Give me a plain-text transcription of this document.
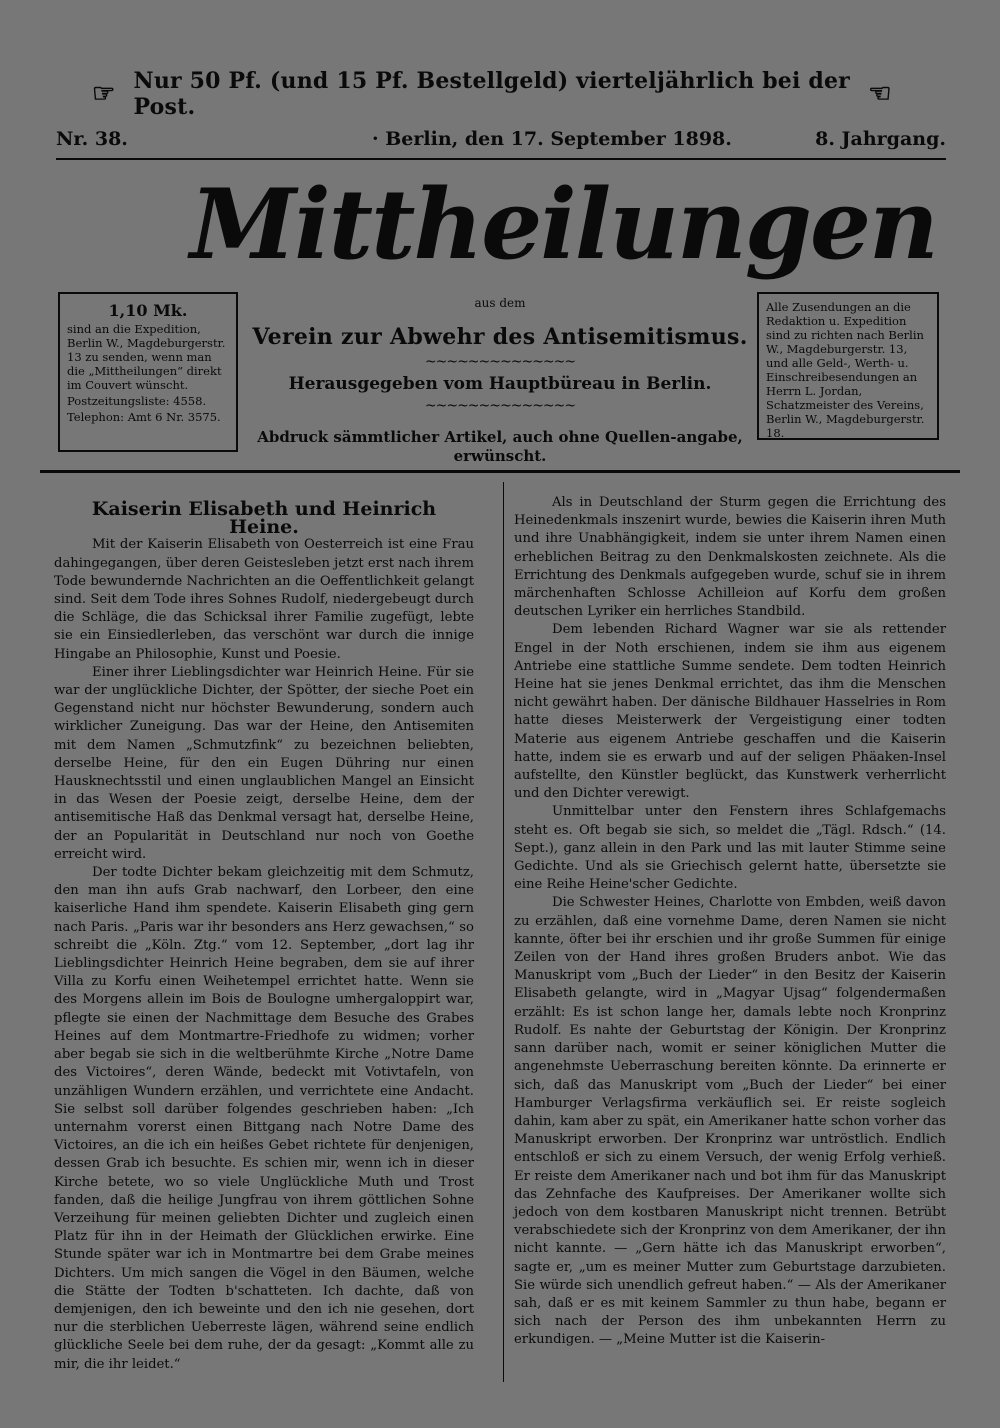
☞ Nur 50 Pf. (und 15 Pf. Bestellgeld) vierteljährlich bei der Post.	☞
Nr. 38.	· Berlin, den 17. September 1898.	8. Jahrgang.
Mittheilungen
1,10 Mk.

sind an die Expedition, Berlin W., Magdeburgerstr. 13 zu senden, wenn man die „Mittheilungen“ direkt im Couvert wünscht.

Postzeitungsliste: 4558.

Telephon: Amt 6 Nr. 3575.

aus dem
Verein zur Abwehr des Antisemitismus.
~~~~~~~~~~~~~~
Herausgegeben vom Hauptbüreau in Berlin.
~~~~~~~~~~~~~~
Abdruck sämmtlicher Artikel, auch ohne Quellen-angabe, erwünscht.

Alle Zusendungen an die Redaktion u. Expedition sind zu richten nach Berlin W., Magdeburgerstr. 13, und alle Geld-, Werth- u. Einschreibesendungen an Herrn L. Jordan, Schatzmeister des Vereins, Berlin W., Magdeburgerstr. 18.

Kaiserin Elisabeth und Heinrich Heine.

Mit der Kaiserin Elisabeth von Oesterreich ist eine Frau dahingegangen, über deren Geistesleben jetzt erst nach ihrem Tode bewundernde Nachrichten an die Oeffentlichkeit gelangt sind. Seit dem Tode ihres Sohnes Rudolf, niedergebeugt durch die Schläge, die das Schicksal ihrer Familie zugefügt, lebte sie ein Einsiedlerleben, das verschönt war durch die innige Hingabe an Philosophie, Kunst und Poesie.

Einer ihrer Lieblingsdichter war Heinrich Heine. Für sie war der unglückliche Dichter, der Spötter, der sieche Poet ein Gegenstand nicht nur höchster Bewunderung, sondern auch wirklicher Zuneigung. Das war der Heine, den Antisemiten mit dem Namen „Schmutzfink“ zu bezeichnen beliebten, derselbe Heine, für den ein Eugen Dühring nur einen Hausknechtsstil und einen unglaublichen Mangel an Einsicht in das Wesen der Poesie zeigt, derselbe Heine, dem der antisemitische Haß das Denkmal versagt hat, derselbe Heine, der an Popularität in Deutschland nur noch von Goethe erreicht wird.

Der todte Dichter bekam gleichzeitig mit dem Schmutz, den man ihn aufs Grab nachwarf, den Lorbeer, den eine kaiserliche Hand ihm spendete. Kaiserin Elisabeth ging gern nach Paris. „Paris war ihr besonders ans Herz gewachsen,“ so schreibt die „Köln. Ztg.“ vom 12. September, „dort lag ihr Lieblingsdichter Heinrich Heine begraben, dem sie auf ihrer Villa zu Korfu einen Weihetempel errichtet hatte. Wenn sie des Morgens allein im Bois de Boulogne umhergaloppirt war, pflegte sie einen der Nachmittage dem Besuche des Grabes Heines auf dem Montmartre-Friedhofe zu widmen; vorher aber begab sie sich in die weltberühmte Kirche „Notre Dame des Victoires“, deren Wände, bedeckt mit Votivtafeln, von unzähligen Wundern erzählen, und verrichtete eine Andacht. Sie selbst soll darüber folgendes geschrieben haben: „Ich unternahm vorerst einen Bittgang nach Notre Dame des Victoires, an die ich ein heißes Gebet richtete für denjenigen, dessen Grab ich besuchte. Es schien mir, wenn ich in dieser Kirche betete, wo so viele Unglückliche Muth und Trost fanden, daß die heilige Jungfrau von ihrem göttlichen Sohne Verzeihung für meinen geliebten Dichter und zugleich einen Platz für ihn in der Heimath der Glücklichen erwirke. Eine Stunde später war ich in Montmartre bei dem Grabe meines Dichters. Um mich sangen die Vögel in den Bäumen, welche die Stätte der Todten b'schatteten. Ich dachte, daß von demjenigen, den ich beweinte und den ich nie gesehen, dort nur die sterblichen Ueberreste lägen, während seine endlich glückliche Seele bei dem ruhe, der da gesagt: „Kommt alle zu mir, die ihr leidet.“

Als in Deutschland der Sturm gegen die Errichtung des Heinedenkmals inszenirt wurde, bewies die Kaiserin ihren Muth und ihre Unabhängigkeit, indem sie unter ihrem Namen einen erheblichen Beitrag zu den Denkmalskosten zeichnete. Als die Errichtung des Denkmals aufgegeben wurde, schuf sie in ihrem märchenhaften Schlosse Achilleion auf Korfu dem großen deutschen Lyriker ein herrliches Standbild.

Dem lebenden Richard Wagner war sie als rettender Engel in der Noth erschienen, indem sie ihm aus eigenem Antriebe eine stattliche Summe sendete. Dem todten Heinrich Heine hat sie jenes Denkmal errichtet, das ihm die Menschen nicht gewährt haben. Der dänische Bildhauer Hasselries in Rom hatte dieses Meisterwerk der Vergeistigung einer todten Materie aus eigenem Antriebe geschaffen und die Kaiserin hatte, indem sie es erwarb und auf der seligen Phäaken-Insel aufstellte, den Künstler beglückt, das Kunstwerk verherrlicht und den Dichter verewigt.

Unmittelbar unter den Fenstern ihres Schlafgemachs steht es. Oft begab sie sich, so meldet die „Tägl. Rdsch.“ (14. Sept.), ganz allein in den Park und las mit lauter Stimme seine Gedichte. Und als sie Griechisch gelernt hatte, übersetzte sie eine Reihe Heine'scher Gedichte.

Die Schwester Heines, Charlotte von Embden, weiß davon zu erzählen, daß eine vornehme Dame, deren Namen sie nicht kannte, öfter bei ihr erschien und ihr große Summen für einige Zeilen von der Hand ihres großen Bruders anbot. Wie das Manuskript vom „Buch der Lieder“ in den Besitz der Kaiserin Elisabeth gelangte, wird in „Magyar Ujsag“ folgendermaßen erzählt: Es ist schon lange her, damals lebte noch Kronprinz Rudolf. Es nahte der Geburtstag der Königin. Der Kronprinz sann darüber nach, womit er seiner königlichen Mutter die angenehmste Ueberraschung bereiten könnte. Da erinnerte er sich, daß das Manuskript vom „Buch der Lieder“ bei einer Hamburger Verlagsfirma verkäuflich sei. Er reiste sogleich dahin, kam aber zu spät, ein Amerikaner hatte schon vorher das Manuskript erworben. Der Kronprinz war untröstlich. Endlich entschloß er sich zu einem Versuch, der wenig Erfolg verhieß. Er reiste dem Amerikaner nach und bot ihm für das Manuskript das Zehnfache des Kaufpreises. Der Amerikaner wollte sich jedoch von dem kostbaren Manuskript nicht trennen. Betrübt verabschiedete sich der Kronprinz von dem Amerikaner, der ihn nicht kannte. — „Gern hätte ich das Manuskript erworben“, sagte er, „um es meiner Mutter zum Geburtstage darzubieten. Sie würde sich unendlich gefreut haben.“ — Als der Amerikaner sah, daß er es mit keinem Sammler zu thun habe, begann er sich nach der Person des ihm unbekannten Herrn zu erkundigen. — „Meine Mutter ist die Kaiserin-
